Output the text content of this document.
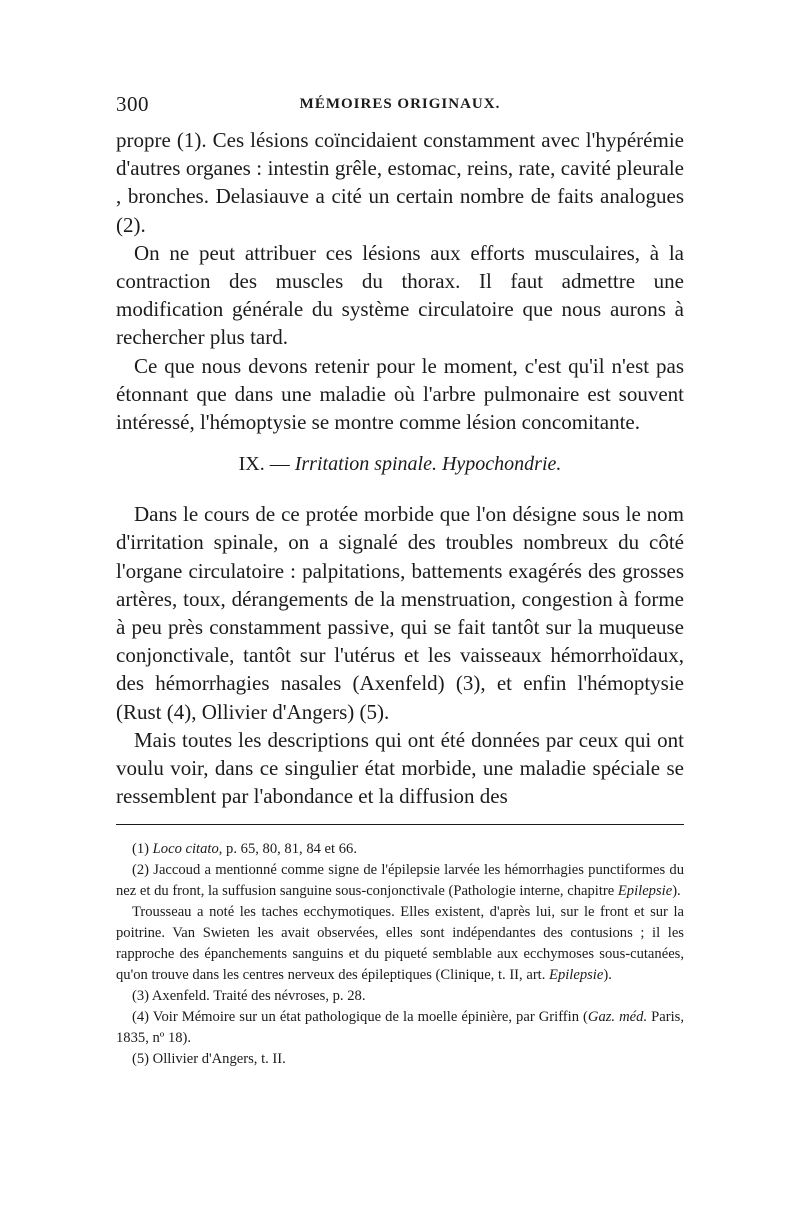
300	MÉMOIRES ORIGINAUX.

propre (1). Ces lésions coïncidaient constamment avec l'hypérémie d'autres organes : intestin grêle, estomac, reins, rate, cavité pleurale , bronches. Delasiauve a cité un certain nombre de faits analogues (2).

On ne peut attribuer ces lésions aux efforts musculaires, à la contraction des muscles du thorax. Il faut admettre une modification générale du système circulatoire que nous aurons à rechercher plus tard.

Ce que nous devons retenir pour le moment, c'est qu'il n'est pas étonnant que dans une maladie où l'arbre pulmonaire est souvent intéressé, l'hémoptysie se montre comme lésion concomitante.

IX. — Irritation spinale. Hypochondrie.

Dans le cours de ce protée morbide que l'on désigne sous le nom d'irritation spinale, on a signalé des troubles nombreux du côté l'organe circulatoire : palpitations, battements exagérés des grosses artères, toux, dérangements de la menstruation, congestion à forme à peu près constamment passive, qui se fait tantôt sur la muqueuse conjonctivale, tantôt sur l'utérus et les vaisseaux hémorrhoïdaux, des hémorrhagies nasales (Axenfeld) (3), et enfin l'hémoptysie (Rust (4), Ollivier d'Angers) (5).

Mais toutes les descriptions qui ont été données par ceux qui ont voulu voir, dans ce singulier état morbide, une maladie spéciale se ressemblent par l'abondance et la diffusion des

(1) Loco citato, p. 65, 80, 81, 84 et 66.

(2) Jaccoud a mentionné comme signe de l'épilepsie larvée les hémorrhagies punctiformes du nez et du front, la suffusion sanguine sous-conjonctivale (Pathologie interne, chapitre Epilepsie).

Trousseau a noté les taches ecchymotiques. Elles existent, d'après lui, sur le front et sur la poitrine. Van Swieten les avait observées, elles sont indépendantes des contusions ; il les rapproche des épanchements sanguins et du piqueté semblable aux ecchymoses sous-cutanées, qu'on trouve dans les centres nerveux des épileptiques (Clinique, t. II, art. Epilepsie).

(3) Axenfeld. Traité des névroses, p. 28.

(4) Voir Mémoire sur un état pathologique de la moelle épinière, par Griffin (Gaz. méd. Paris, 1835, nº 18).

(5) Ollivier d'Angers, t. II.
